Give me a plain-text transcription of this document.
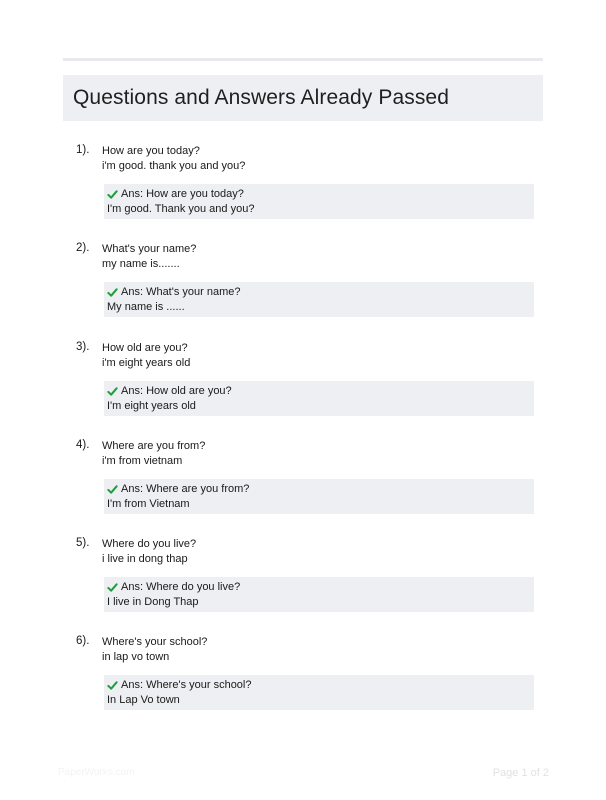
Questions and Answers Already Passed
1). How are you today?
i'm good. thank you and you?
Ans: How are you today?
I'm good. Thank you and you?
2). What's your name?
my name is.......
Ans: What's your name?
My name is ......
3). How old are you?
i'm eight years old
Ans: How old are you?
I'm eight years old
4). Where are you from?
i'm from vietnam
Ans: Where are you from?
I'm from Vietnam
5). Where do you live?
i live in dong thap
Ans: Where do you live?
I live in Dong Thap
6). Where's your school?
in lap vo town
Ans: Where's your school?
In Lap Vo town
PaperWorks.com	Page 1 of 2
